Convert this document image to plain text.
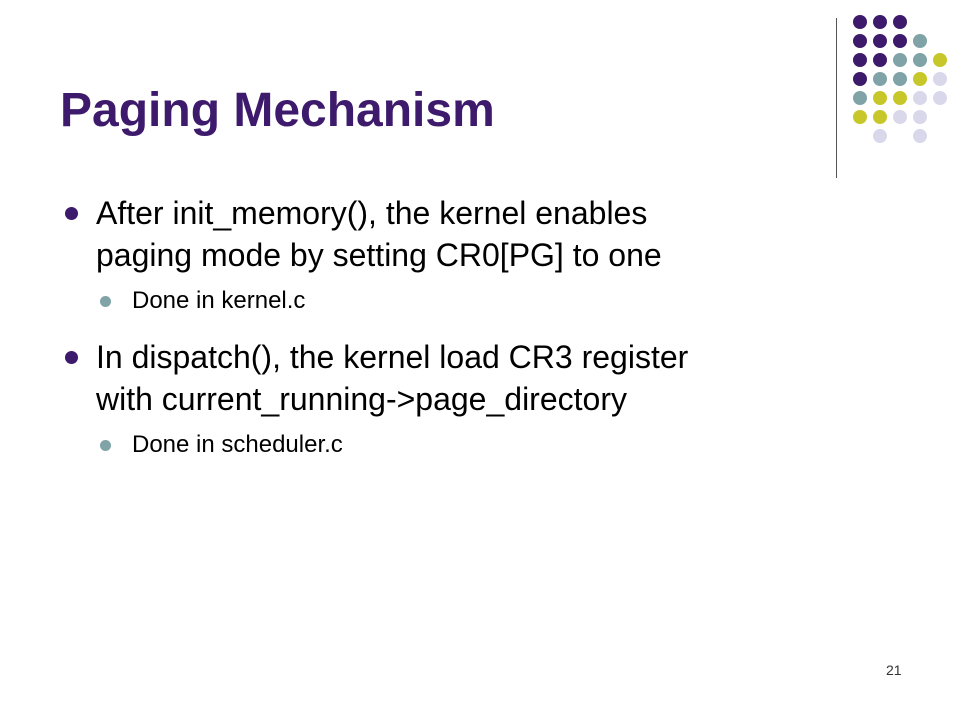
Paging Mechanism
After init_memory(), the kernel enables
paging mode by setting CR0[PG] to one
Done in kernel.c
In dispatch(), the kernel load CR3 register
with current_running->page_directory
Done in scheduler.c
21
